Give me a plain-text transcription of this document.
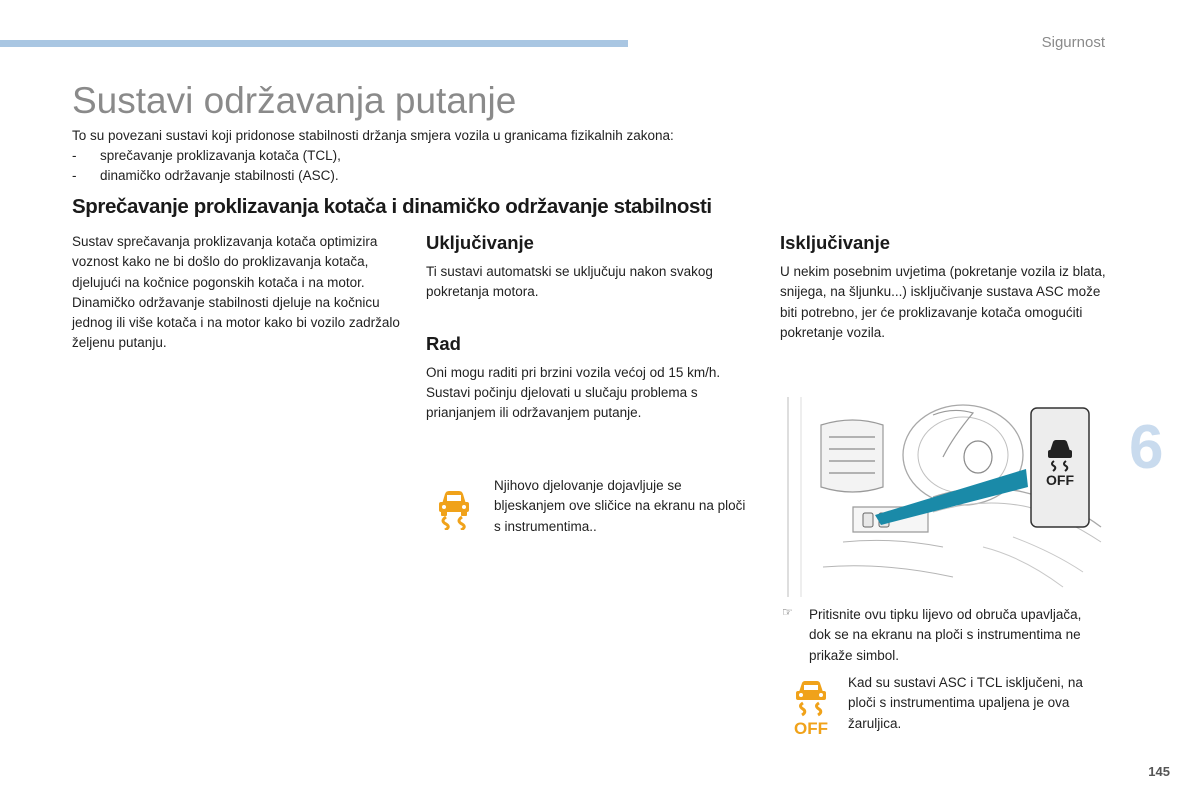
Sigurnost
Sustavi održavanja putanje
To su povezani sustavi koji pridonose stabilnosti držanja smjera vozila u granicama fizikalnih zakona:
-	sprečavanje proklizavanja kotača (TCL),
-	dinamičko održavanje stabilnosti (ASC).
Sprečavanje proklizavanja kotača i dinamičko održavanje stabilnosti

Sustav sprečavanja proklizavanja kotača optimizira voznost kako ne bi došlo do proklizavanja kotača, djelujući na kočnice pogonskih kotača i na motor.

Dinamičko održavanje stabilnosti djeluje na kočnicu jednog ili više kotača i na motor kako bi vozilo zadržalo željenu putanju.

Uključivanje

Ti sustavi automatski se uključuju nakon svakog pokretanja motora.

Rad

Oni mogu raditi pri brzini vozila većoj od 15 km/h.

Sustavi počinju djelovati u slučaju problema s prianjanjem ili održavanjem putanje.

Njihovo djelovanje dojavljuje se bljeskanjem ove sličice na ekranu na ploči s instrumentima..

Isključivanje

U nekim posebnim uvjetima (pokretanje vozila iz blata, snijega, na šljunku...) isključivanje sustava ASC može biti potrebno, jer će proklizavanje kotača omogućiti pokretanje vozila.

OFF 6
☞ Pritisnite ovu tipku lijevo od obruča upavljača, dok se na ekranu na ploči s instrumentima ne prikaže simbol.

OFF

Kad su sustavi ASC i TCL isključeni, na ploči s instrumentima upaljena je ova žaruljica.

145
